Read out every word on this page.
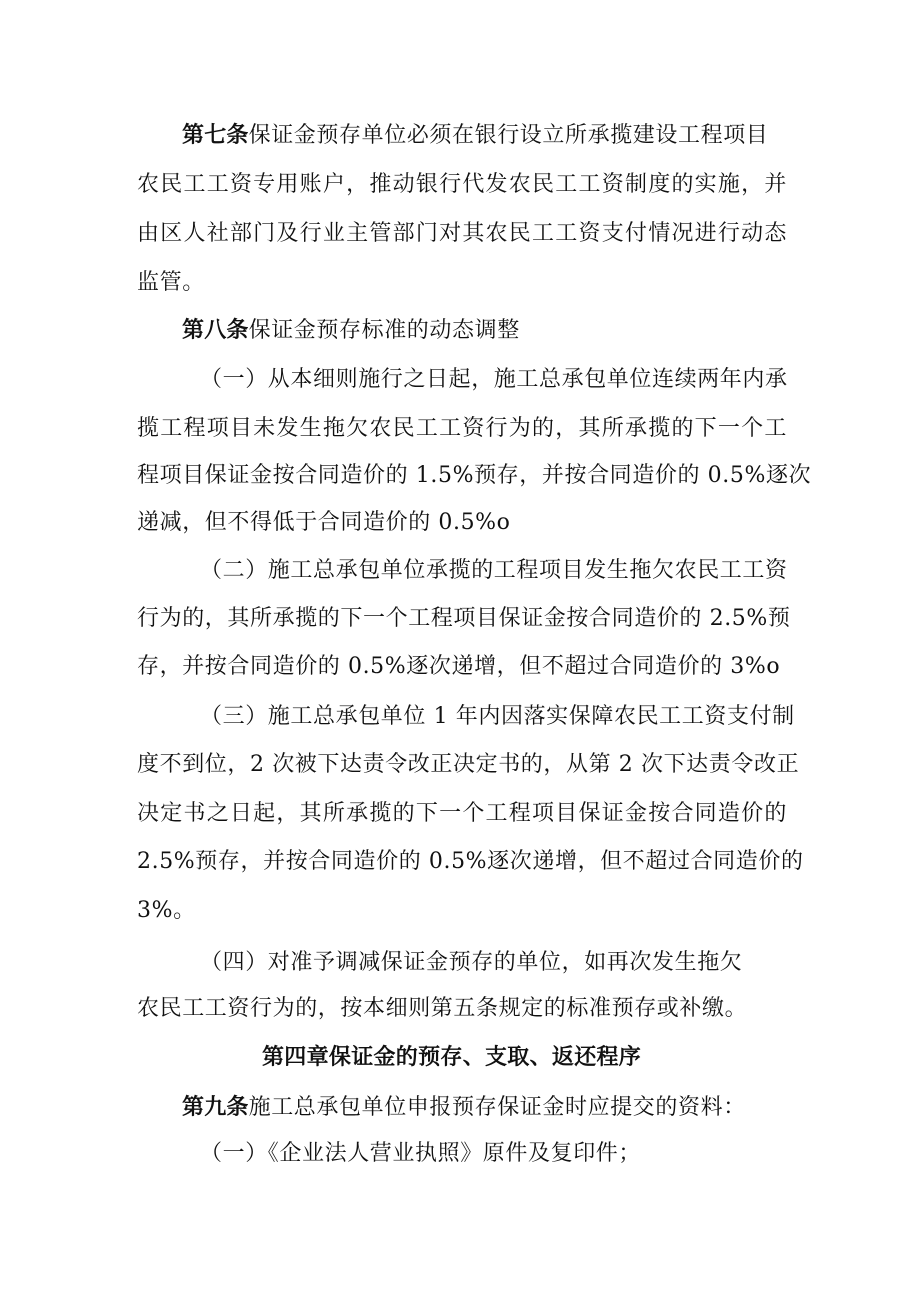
第七条保证金预存单位必须在银行设立所承揽建设工程项目
农民工工资专用账户，推动银行代发农民工工资制度的实施，并
由区人社部门及行业主管部门对其农民工工资支付情况进行动态
监管。
第八条保证金预存标准的动态调整
（一）从本细则施行之日起，施工总承包单位连续两年内承
揽工程项目未发生拖欠农民工工资行为的，其所承揽的下一个工
程项目保证金按合同造价的 1.5%预存，并按合同造价的 0.5%逐次
递减，但不得低于合同造价的 0.5%o
（二）施工总承包单位承揽的工程项目发生拖欠农民工工资
行为的，其所承揽的下一个工程项目保证金按合同造价的 2.5%预
存，并按合同造价的 0.5%逐次递增，但不超过合同造价的 3%o
（三）施工总承包单位 1 年内因落实保障农民工工资支付制
度不到位，2 次被下达责令改正决定书的，从第 2 次下达责令改正
决定书之日起，其所承揽的下一个工程项目保证金按合同造价的
2.5%预存，并按合同造价的 0.5%逐次递增，但不超过合同造价的
3%。
（四）对准予调减保证金预存的单位，如再次发生拖欠
农民工工资行为的，按本细则第五条规定的标准预存或补缴。
第四章保证金的预存、支取、返还程序
第九条施工总承包单位申报预存保证金时应提交的资料：
（一）《企业法人营业执照》原件及复印件；
